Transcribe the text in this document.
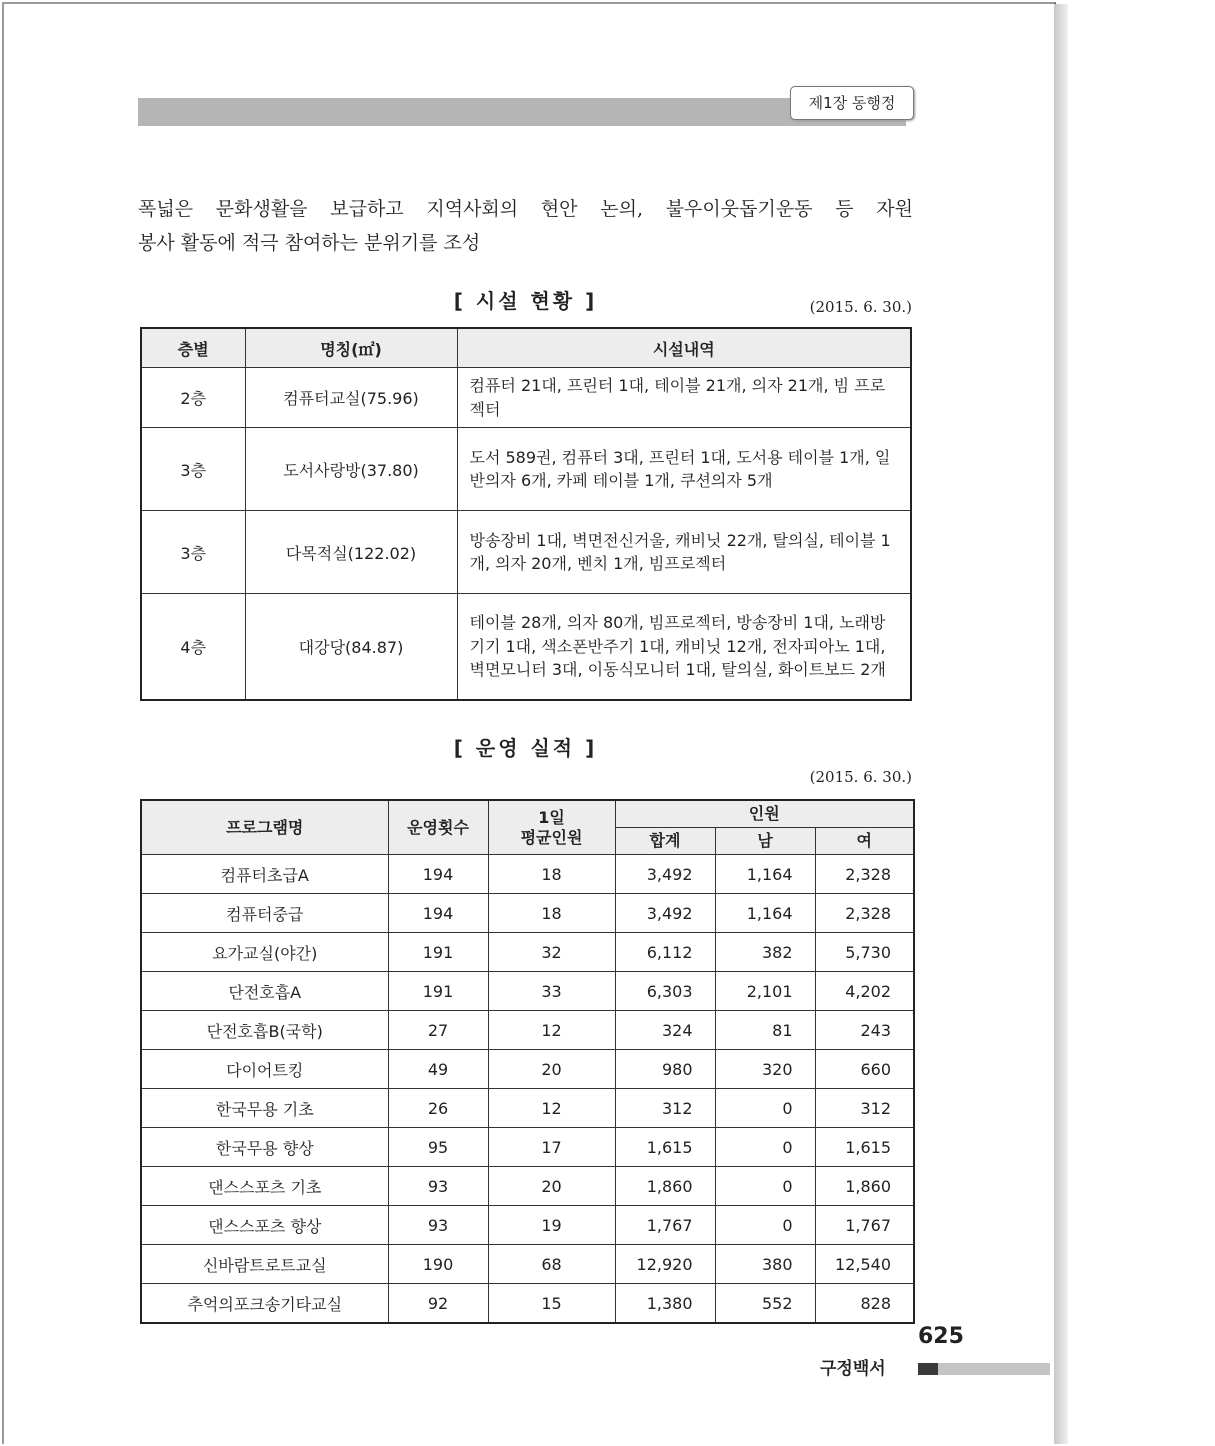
제1장 동행정

폭넓은 문화생활을 보급하고 지역사회의 현안 논의, 불우이웃돕기운동 등 자원

봉사 활동에 적극 참여하는 분위기를 조성

[ 시설 현황 ]	(2015. 6. 30.)
층별	명칭(㎡)	시설내역
2층	컴퓨터교실(75.96)	컴퓨터 21대, 프린터 1대, 테이블 21개, 의자 21개, 빔 프로젝터
3층	도서사랑방(37.80)	도서 589권, 컴퓨터 3대, 프린터 1대, 도서용 테이블 1개, 일반의자 6개, 카페 테이블 1개, 쿠션의자 5개
3층	다목적실(122.02)	방송장비 1대, 벽면전신거울, 캐비닛 22개, 탈의실, 테이블 1개, 의자 20개, 벤치 1개, 빔프로젝터
4층	대강당(84.87)	테이블 28개, 의자 80개, 빔프로젝터, 방송장비 1대, 노래방기기 1대, 색소폰반주기 1대, 캐비닛 12개, 전자피아노 1대, 벽면모니터 3대, 이동식모니터 1대, 탈의실, 화이트보드 2개
[ 운영 실적 ]
(2015. 6. 30.)
프로그램명	운영횟수	1일
평균인원	인원		
			합계	남	여
컴퓨터초급A	194	18	3,492	1,164	2,328
컴퓨터중급	194	18	3,492	1,164	2,328
요가교실(야간)	191	32	6,112	382	5,730
단전호흡A	191	33	6,303	2,101	4,202
단전호흡B(국학)	27	12	324	81	243
다이어트킹	49	20	980	320	660
한국무용 기초	26	12	312	0	312
한국무용 향상	95	17	1,615	0	1,615
댄스스포츠 기초	93	20	1,860	0	1,860
댄스스포츠 향상	93	19	1,767	0	1,767
신바람트로트교실	190	68	12,920	380	12,540
추억의포크송기타교실	92	15	1,380	552	828
625
구정백서
